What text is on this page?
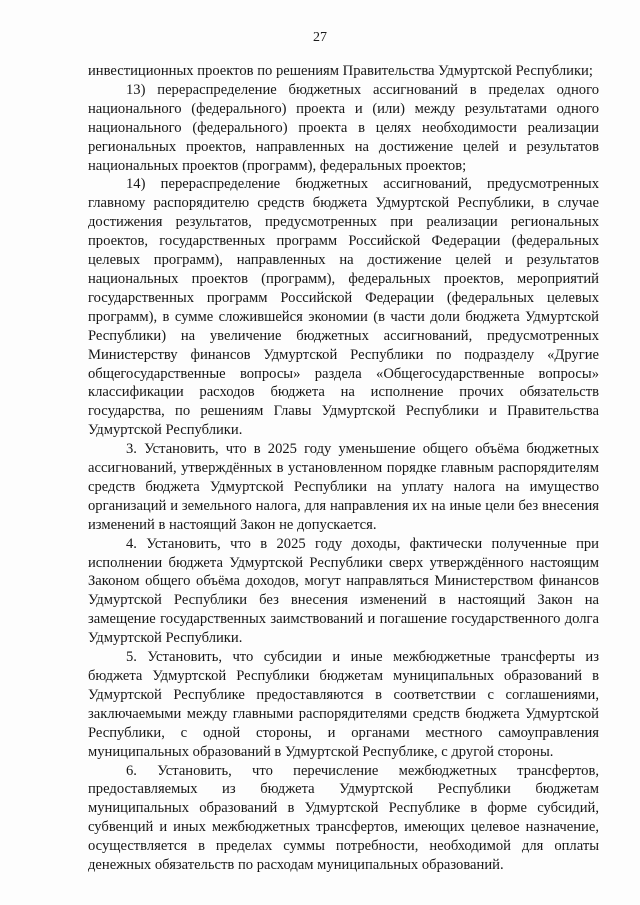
27

инвестиционных проектов по решениям Правительства Удмуртской Республики;

13) перераспределение бюджетных ассигнований в пределах одного национального (федерального) проекта и (или) между результатами одного национального (федерального) проекта в целях необходимости реализации региональных проектов, направленных на достижение целей и результатов национальных проектов (программ), федеральных проектов;

14) перераспределение бюджетных ассигнований, предусмотренных главному распорядителю средств бюджета Удмуртской Республики, в случае достижения результатов, предусмотренных при реализации региональных проектов, государственных программ Российской Федерации (федеральных целевых программ), направленных на достижение целей и результатов национальных проектов (программ), федеральных проектов, мероприятий государственных программ Российской Федерации (федеральных целевых программ), в сумме сложившейся экономии (в части доли бюджета Удмуртской Республики) на увеличение бюджетных ассигнований, предусмотренных Министерству финансов Удмуртской Республики по подразделу «Другие общегосударственные вопросы» раздела «Общегосударственные вопросы» классификации расходов бюджета на исполнение прочих обязательств государства, по решениям Главы Удмуртской Республики и Правительства Удмуртской Республики.

3. Установить, что в 2025 году уменьшение общего объёма бюджетных ассигнований, утверждённых в установленном порядке главным распорядителям средств бюджета Удмуртской Республики на уплату налога на имущество организаций и земельного налога, для направления их на иные цели без внесения изменений в настоящий Закон не допускается.

4. Установить, что в 2025 году доходы, фактически полученные при исполнении бюджета Удмуртской Республики сверх утверждённого настоящим Законом общего объёма доходов, могут направляться Министерством финансов Удмуртской Республики без внесения изменений в настоящий Закон на замещение государственных заимствований и погашение государственного долга Удмуртской Республики.

5. Установить, что субсидии и иные межбюджетные трансферты из бюджета Удмуртской Республики бюджетам муниципальных образований в Удмуртской Республике предоставляются в соответствии с соглашениями, заключаемыми между главными распорядителями средств бюджета Удмуртской Республики, с одной стороны, и органами местного самоуправления муниципальных образований в Удмуртской Республике, с другой стороны.

6. Установить, что перечисление межбюджетных трансфертов, предоставляемых из бюджета Удмуртской Республики бюджетам муниципальных образований в Удмуртской Республике в форме субсидий, субвенций и иных межбюджетных трансфертов, имеющих целевое назначение, осуществляется в пределах суммы потребности, необходимой для оплаты денежных обязательств по расходам муниципальных образований.
